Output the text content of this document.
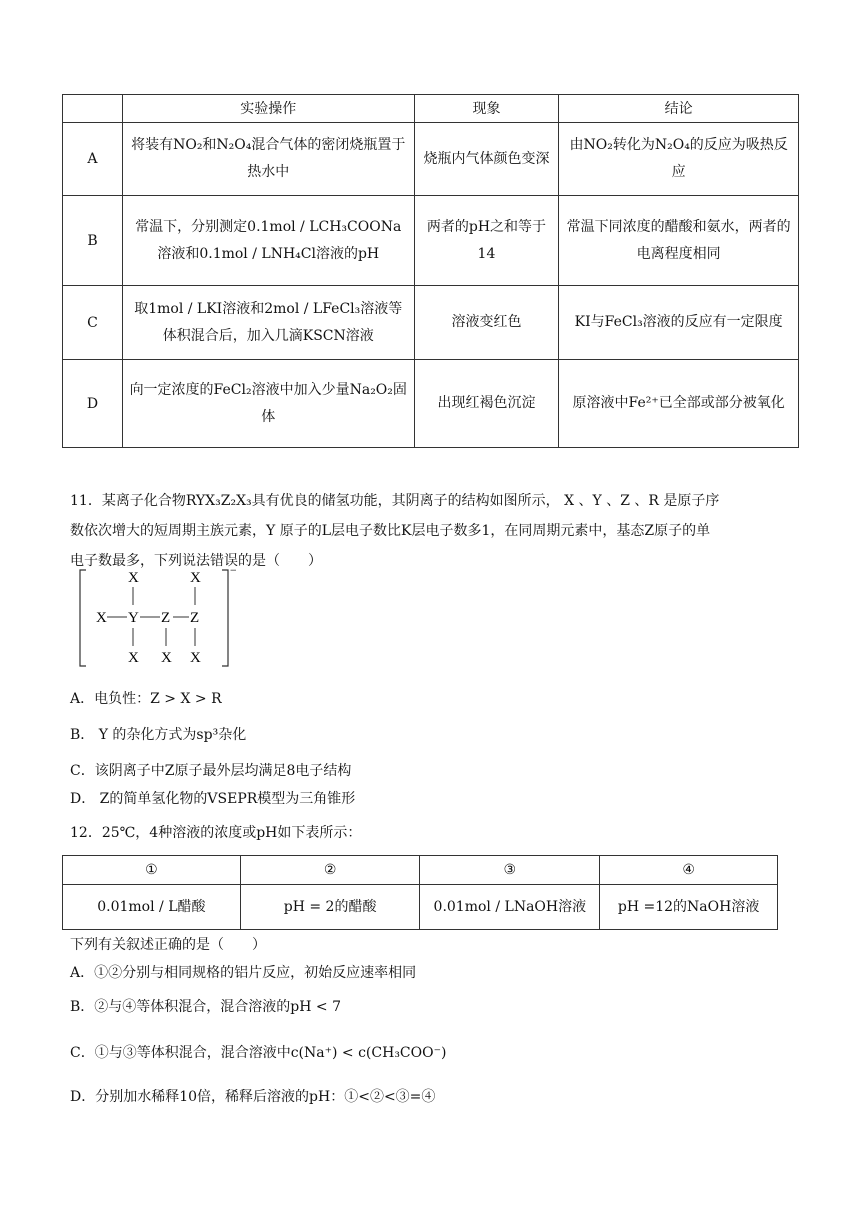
	实验操作	现象	结论
A	将装有NO₂和N₂O₄混合气体的密闭烧瓶置于热水中	烧瓶内气体颜色变深	由NO₂转化为N₂O₄的反应为吸热反应
B	常温下，分别测定0.1mol / LCH₃COONa溶液和0.1mol / LNH₄Cl溶液的pH	两者的pH之和等于14	常温下同浓度的醋酸和氨水，两者的电离程度相同
C	取1mol / LKI溶液和2mol / LFeCl₃溶液等体积混合后，加入几滴KSCN溶液	溶液变红色	KI与FeCl₃溶液的反应有一定限度
D	向一定浓度的FeCl₂溶液中加入少量Na₂O₂固体	出现红褐色沉淀	原溶液中Fe²⁺已全部或部分被氧化
11．某离子化合物RYX₃Z₂X₃具有优良的储氢功能，其阴离子的结构如图所示， X 、Y 、Z 、R 是原子序
数依次增大的短周期主族元素，Y 原子的L层电子数比K层电子数多1，在同周期元素中，基态Z原子的单
电子数最多，下列说法错误的是（　　）
−
X	X
X Y Z Z
X X X
A．电负性：Z > X > R
B． Y 的杂化方式为sp³杂化
C．该阴离子中Z原子最外层均满足8电子结构
D． Z的简单氢化物的VSEPR模型为三角锥形
12．25℃，4种溶液的浓度或pH如下表所示：
①	②	③	④
0.01mol / L醋酸	pH = 2的醋酸	0.01mol / LNaOH溶液	pH =12的NaOH溶液
下列有关叙述正确的是（　　）
A．①②分别与相同规格的铝片反应，初始反应速率相同
B．②与④等体积混合，混合溶液的pH < 7
C．①与③等体积混合，混合溶液中c(Na⁺) < c(CH₃COO⁻)
D．分别加水稀释10倍，稀释后溶液的pH：①<②<③=④
